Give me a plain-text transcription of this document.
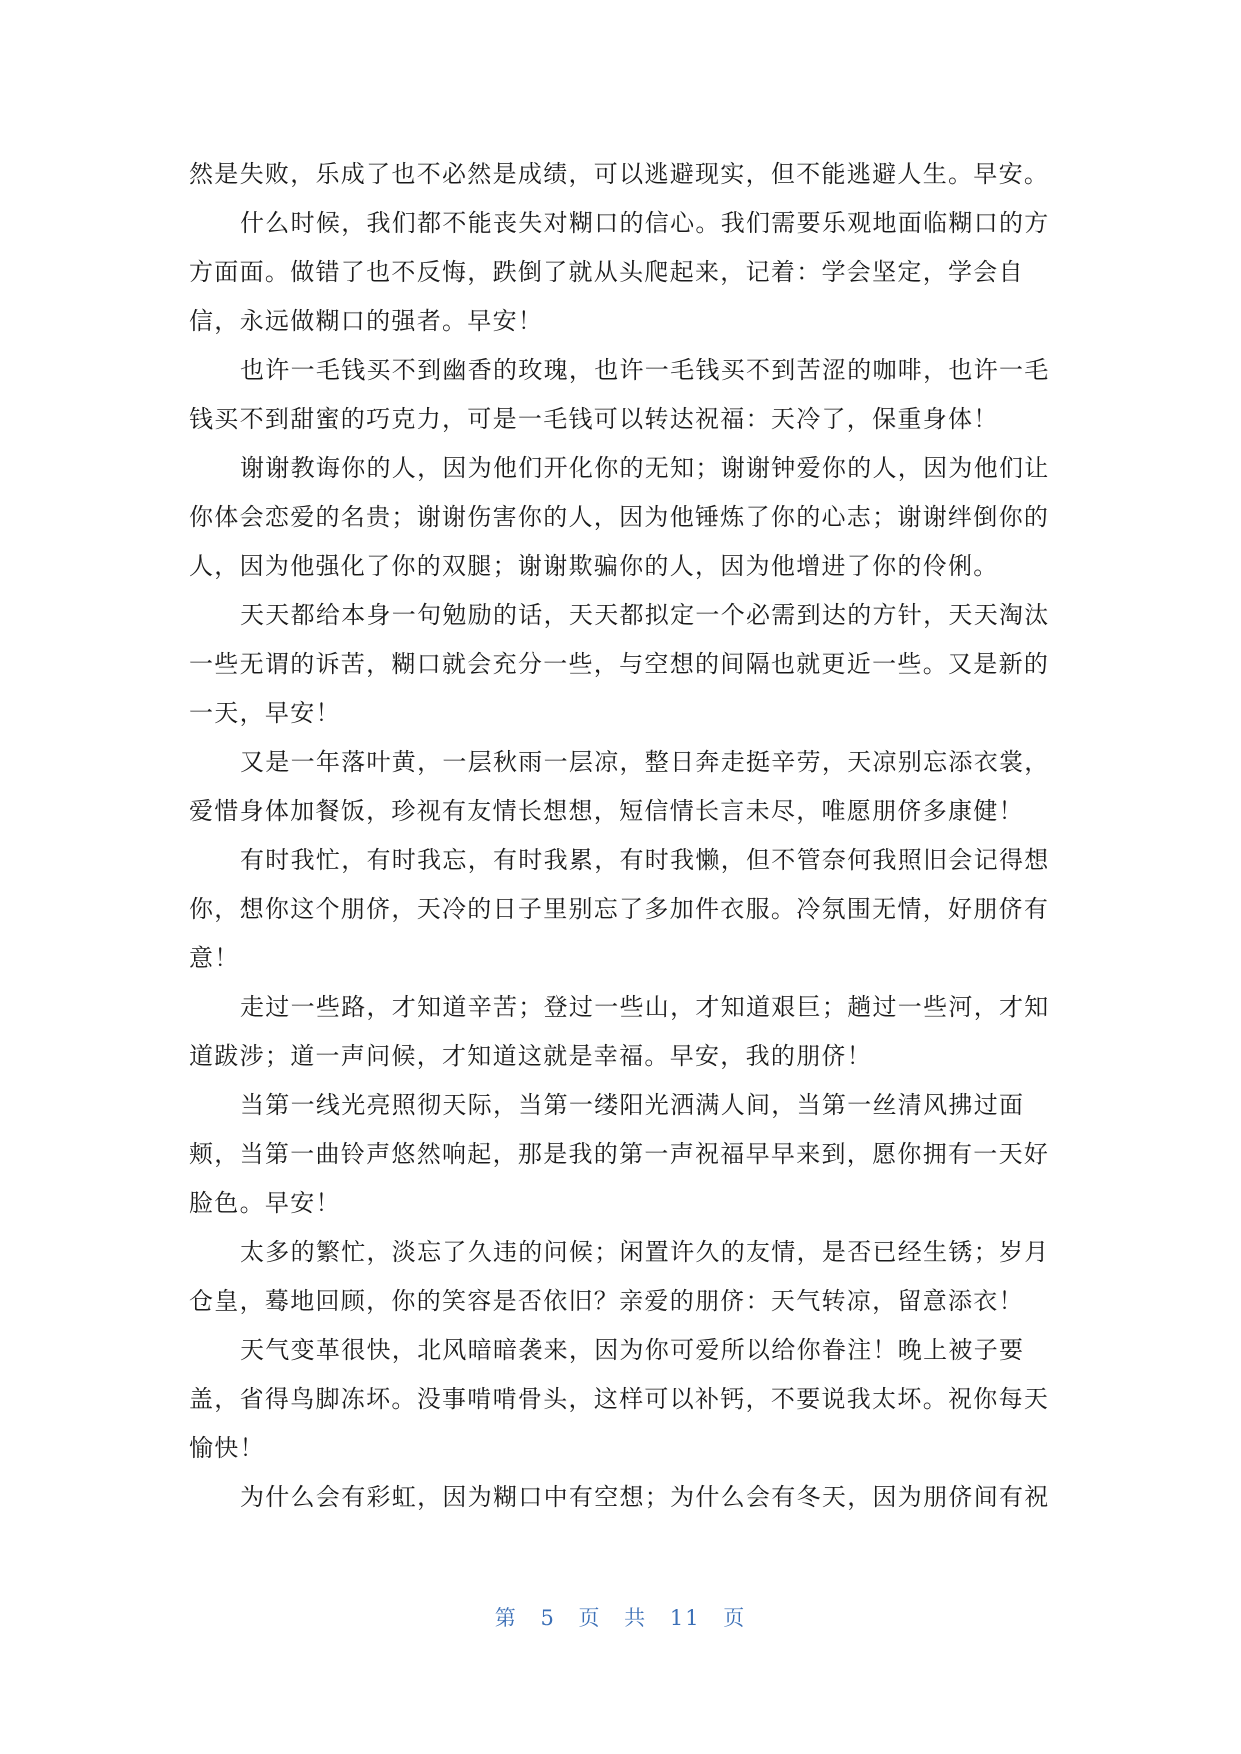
然是失败，乐成了也不必然是成绩，可以逃避现实，但不能逃避人生。早安。
什么时候，我们都不能丧失对糊口的信心。我们需要乐观地面临糊口的方
方面面。做错了也不反悔，跌倒了就从头爬起来，记着：学会坚定，学会自
信，永远做糊口的强者。早安！
也许一毛钱买不到幽香的玫瑰，也许一毛钱买不到苦涩的咖啡，也许一毛
钱买不到甜蜜的巧克力，可是一毛钱可以转达祝福：天冷了，保重身体！
谢谢教诲你的人，因为他们开化你的无知；谢谢钟爱你的人，因为他们让
你体会恋爱的名贵；谢谢伤害你的人，因为他锤炼了你的心志；谢谢绊倒你的
人，因为他强化了你的双腿；谢谢欺骗你的人，因为他增进了你的伶俐。
天天都给本身一句勉励的话，天天都拟定一个必需到达的方针，天天淘汰
一些无谓的诉苦，糊口就会充分一些，与空想的间隔也就更近一些。又是新的
一天，早安！
又是一年落叶黄，一层秋雨一层凉，整日奔走挺辛劳，天凉别忘添衣裳，
爱惜身体加餐饭，珍视有友情长想想，短信情长言未尽，唯愿朋侪多康健！
有时我忙，有时我忘，有时我累，有时我懒，但不管奈何我照旧会记得想
你，想你这个朋侪，天冷的日子里别忘了多加件衣服。冷氛围无情，好朋侪有
意！
走过一些路，才知道辛苦；登过一些山，才知道艰巨；趟过一些河，才知
道跋涉；道一声问候，才知道这就是幸福。早安，我的朋侪！
当第一线光亮照彻天际，当第一缕阳光洒满人间，当第一丝清风拂过面
颊，当第一曲铃声悠然响起，那是我的第一声祝福早早来到，愿你拥有一天好
脸色。早安！
太多的繁忙，淡忘了久违的问候；闲置许久的友情，是否已经生锈；岁月
仓皇，蓦地回顾，你的笑容是否依旧？亲爱的朋侪：天气转凉，留意添衣！
天气变革很快，北风暗暗袭来，因为你可爱所以给你眷注！晚上被子要
盖，省得鸟脚冻坏。没事啃啃骨头，这样可以补钙，不要说我太坏。祝你每天
愉快！
为什么会有彩虹，因为糊口中有空想；为什么会有冬天，因为朋侪间有祝
第 5 页 共 11 页
